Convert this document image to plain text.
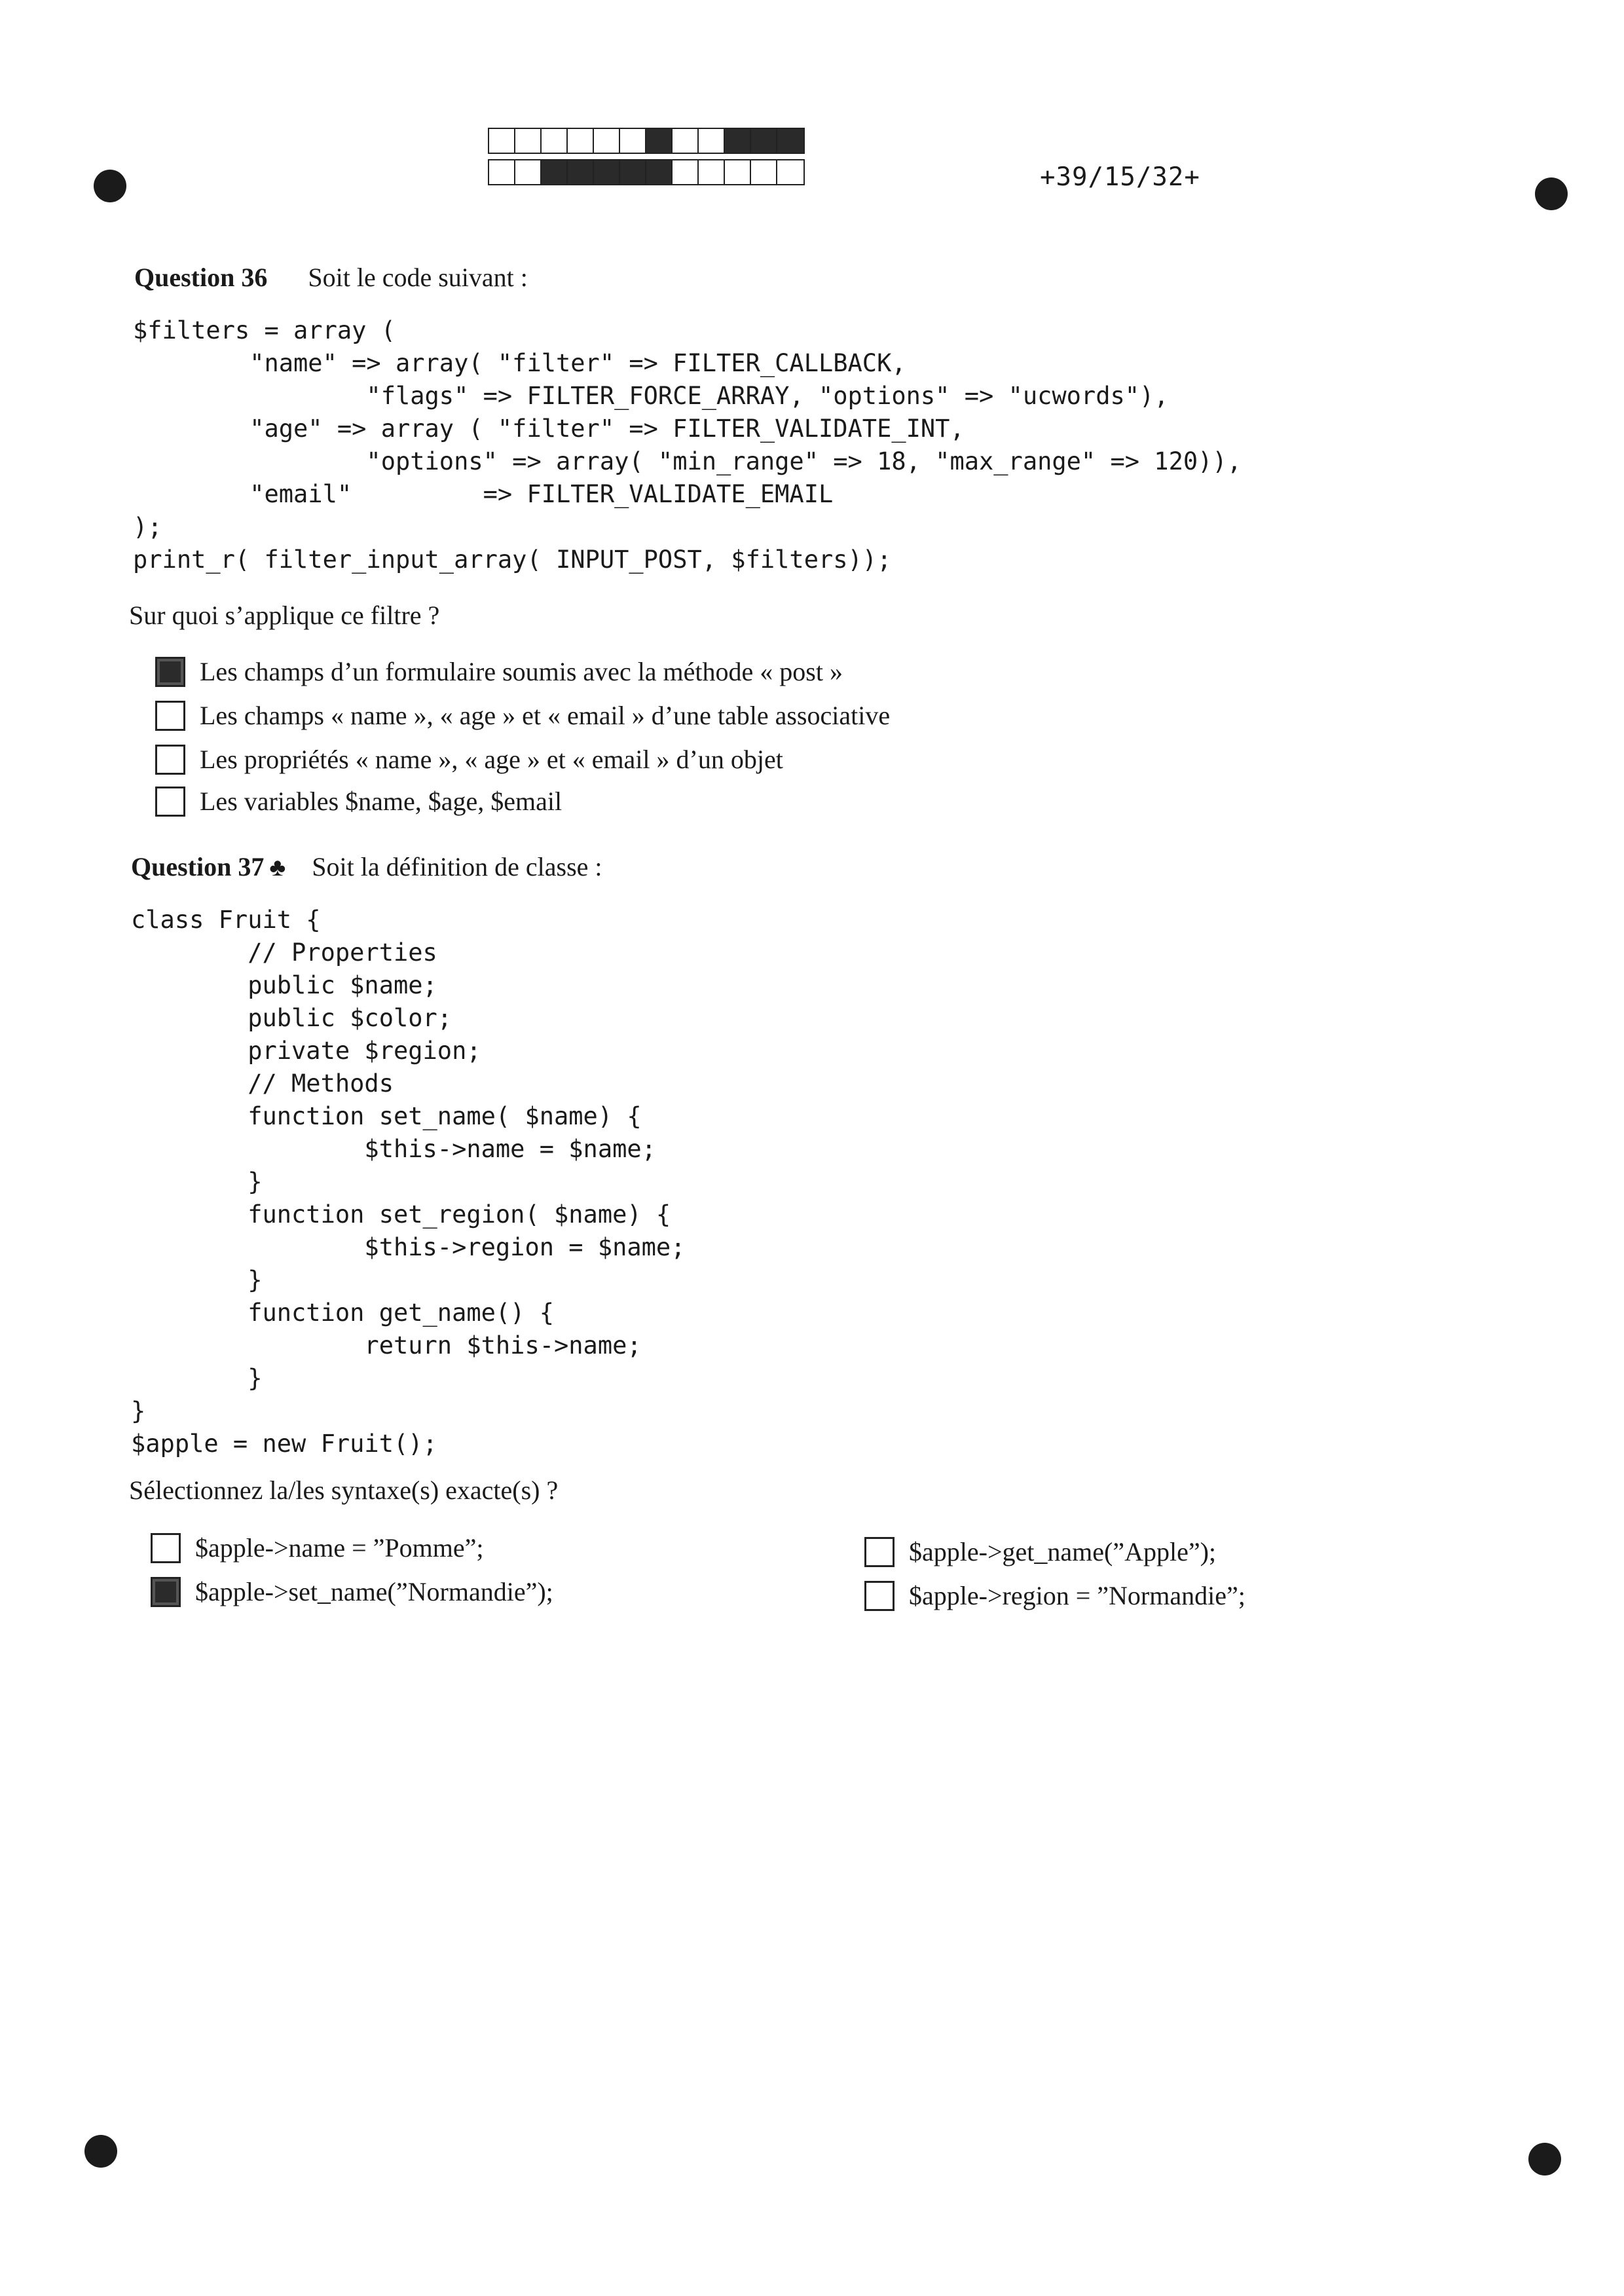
+39/15/32+
Question 36 Soit le code suivant :
$filters = array (
"name" => array( "filter" => FILTER_CALLBACK,
"flags" => FILTER_FORCE_ARRAY, "options" => "ucwords"),
"age" => array ( "filter" => FILTER_VALIDATE_INT,
"options" => array( "min_range" => 18, "max_range" => 120)),
"email"         => FILTER_VALIDATE_EMAIL
);
print_r( filter_input_array( INPUT_POST, $filters));
Sur quoi s’applique ce filtre ?
Les champs d’un formulaire soumis avec la méthode « post »
Les champs « name », « age » et « email » d’une table associative
Les propriétés « name », « age » et « email » d’un objet
Les variables $name, $age, $email
Question 37 ♣ Soit la définition de classe :
class Fruit {
// Properties
public $name;
public $color;
private $region;
// Methods
function set_name( $name) {
$this->name = $name;
}
function set_region( $name) {
$this->region = $name;
}
function get_name() {
return $this->name;
}
}
$apple = new Fruit();
Sélectionnez la/les syntaxe(s) exacte(s) ?
$apple->name = ”Pomme”;
$apple->set_name(”Normandie”);
$apple->get_name(”Apple”);
$apple->region = ”Normandie”;
